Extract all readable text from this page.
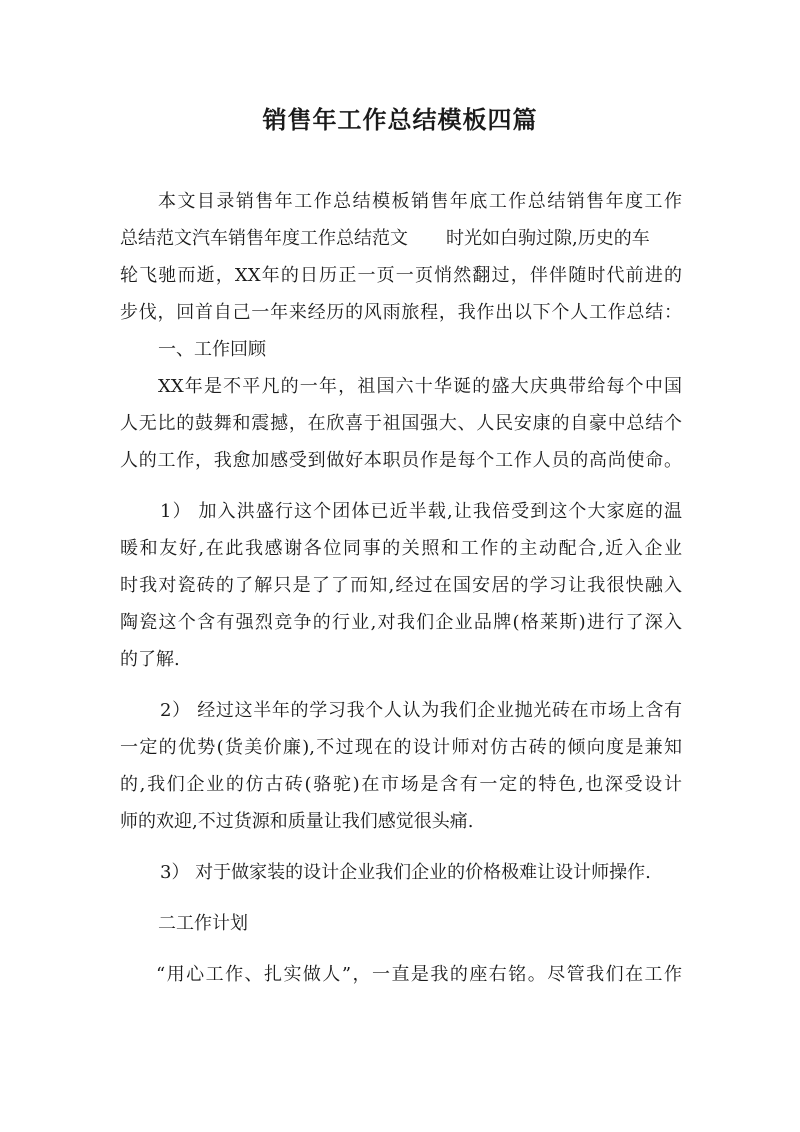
销售年工作总结模板四篇
本文目录销售年工作总结模板销售年底工作总结销售年度工作
总结范文汽车销售年度工作总结范文 时光如白驹过隙,历史的车
轮飞驰而逝，XX年的日历正一页一页悄然翻过，伴伴随时代前进的
步伐，回首自己一年来经历的风雨旅程，我作出以下个人工作总结：
一、工作回顾
XX年是不平凡的一年，祖国六十华诞的盛大庆典带给每个中国
人无比的鼓舞和震撼，在欣喜于祖国强大、人民安康的自豪中总结个
人的工作，我愈加感受到做好本职员作是每个工作人员的高尚使命。
1） 加入洪盛行这个团体已近半载,让我倍受到这个大家庭的温
暖和友好,在此我感谢各位同事的关照和工作的主动配合,近入企业
时我对瓷砖的了解只是了了而知,经过在国安居的学习让我很快融入
陶瓷这个含有强烈竞争的行业,对我们企业品牌(格莱斯)进行了深入
的了解.
2） 经过这半年的学习我个人认为我们企业抛光砖在市场上含有
一定的优势(货美价廉),不过现在的设计师对仿古砖的倾向度是兼知
的,我们企业的仿古砖(骆驼)在市场是含有一定的特色,也深受设计
师的欢迎,不过货源和质量让我们感觉很头痛.
3） 对于做家装的设计企业我们企业的价格极难让设计师操作.
二工作计划
“用心工作、扎实做人”，一直是我的座右铭。尽管我们在工作
